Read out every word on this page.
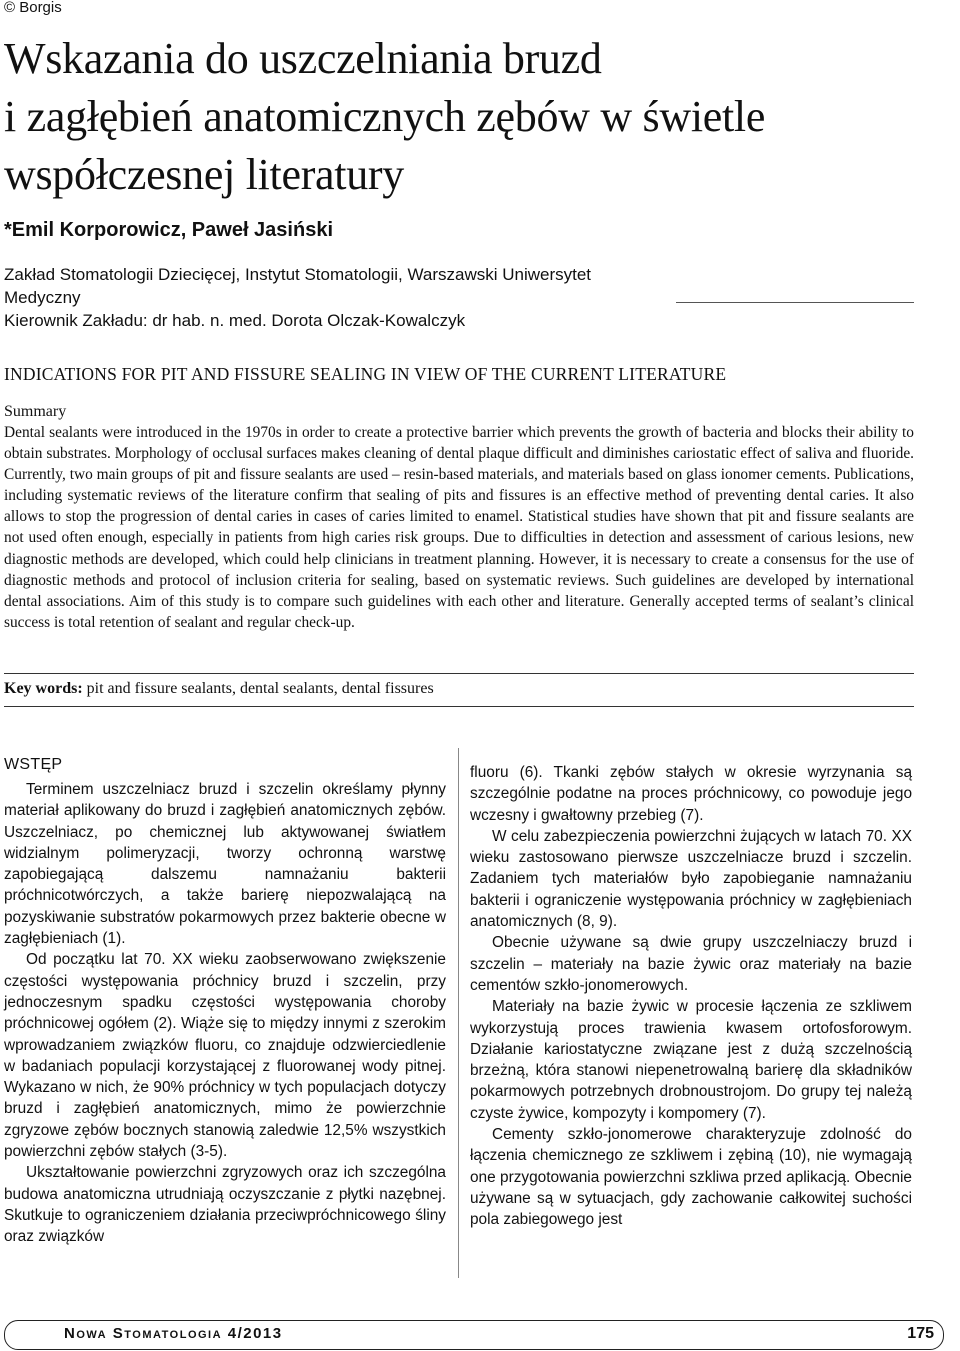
© Borgis
Wskazania do uszczelniania bruzd
i zagłębień anatomicznych zębów w świetle
współczesnej literatury
*Emil Korporowicz, Paweł Jasiński
Zakład Stomatologii Dziecięcej, Instytut Stomatologii, Warszawski Uniwersytet Medyczny
Kierownik Zakładu: dr hab. n. med. Dorota Olczak-Kowalczyk
INDICATIONS FOR PIT AND FISSURE SEALING IN VIEW OF THE CURRENT LITERATURE
Summary
Dental sealants were introduced in the 1970s in order to create a protective barrier which prevents the growth of bacteria and blocks their ability to obtain substrates. Morphology of occlusal surfaces makes cleaning of dental plaque difficult and diminishes cariostatic effect of saliva and fluoride. Currently, two main groups of pit and fissure sealants are used – resin-based materials, and materials based on glass ionomer cements. Publications, including systematic reviews of the literature confirm that sealing of pits and fissures is an effective method of preventing dental caries. It also allows to stop the progression of dental caries in cases of caries limited to enamel. Statistical studies have shown that pit and fissure sealants are not used often enough, especially in patients from high caries risk groups. Due to difficulties in detection and assessment of carious lesions, new diagnostic methods are developed, which could help clinicians in treatment planning. However, it is necessary to create a consensus for the use of diagnostic methods and protocol of inclusion criteria for sealing, based on systematic reviews. Such guidelines are developed by international dental associations. Aim of this study is to compare such guidelines with each other and literature. Generally accepted terms of sealant’s clinical success is total retention of sealant and regular check-up.
Key words: pit and fissure sealants, dental sealants, dental fissures
WSTĘP

Terminem uszczelniacz bruzd i szczelin określamy płynny materiał aplikowany do bruzd i zagłębień anatomicznych zębów. Uszczelniacz, po chemicznej lub aktywowanej światłem widzialnym polimeryzacji, tworzy ochronną warstwę zapobiegającą dalszemu namnażaniu bakterii próchnicotwórczych, a także barierę niepozwalającą na pozyskiwanie substratów pokarmowych przez bakterie obecne w zagłębieniach (1).

Od początku lat 70. XX wieku zaobserwowano zwiększenie częstości występowania próchnicy bruzd i szczelin, przy jednoczesnym spadku częstości występowania choroby próchnicowej ogółem (2). Wiąże się to między innymi z szerokim wprowadzaniem związków fluoru, co znajduje odzwierciedlenie w badaniach populacji korzystającej z fluorowanej wody pitnej. Wykazano w nich, że 90% próchnicy w tych populacjach dotyczy bruzd i zagłębień anatomicznych, mimo że powierzchnie zgryzowe zębów bocznych stanowią zaledwie 12,5% wszystkich powierzchni zębów stałych (3-5).

Ukształtowanie powierzchni zgryzowych oraz ich szczególna budowa anatomiczna utrudniają oczyszczanie z płytki nazębnej. Skutkuje to ograniczeniem działania przeciwpróchnicowego śliny oraz związków

fluoru (6). Tkanki zębów stałych w okresie wyrzynania są szczególnie podatne na proces próchnicowy, co powoduje jego wczesny i gwałtowny przebieg (7).

W celu zabezpieczenia powierzchni żujących w latach 70. XX wieku zastosowano pierwsze uszczelniacze bruzd i szczelin. Zadaniem tych materiałów było zapobieganie namnażaniu bakterii i ograniczenie występowania próchnicy w zagłębieniach anatomicznych (8, 9).

Obecnie używane są dwie grupy uszczelniaczy bruzd i szczelin – materiały na bazie żywic oraz materiały na bazie cementów szkło-jonomerowych.

Materiały na bazie żywic w procesie łączenia ze szkliwem wykorzystują proces trawienia kwasem ortofosforowym. Działanie kariostatyczne związane jest z dużą szczelnością brzeżną, która stanowi niepenetrowalną barierę dla składników pokarmowych potrzebnych drobnoustrojom. Do grupy tej należą czyste żywice, kompozyty i kompomery (7).

Cementy szkło-jonomerowe charakteryzuje zdolność do łączenia chemicznego ze szkliwem i zębiną (10), nie wymagają one przygotowania powierzchni szkliwa przed aplikacją. Obecnie używane są w sytuacjach, gdy zachowanie całkowitej suchości pola zabiegowego jest

Nowa Stomatologia 4/2013	175
